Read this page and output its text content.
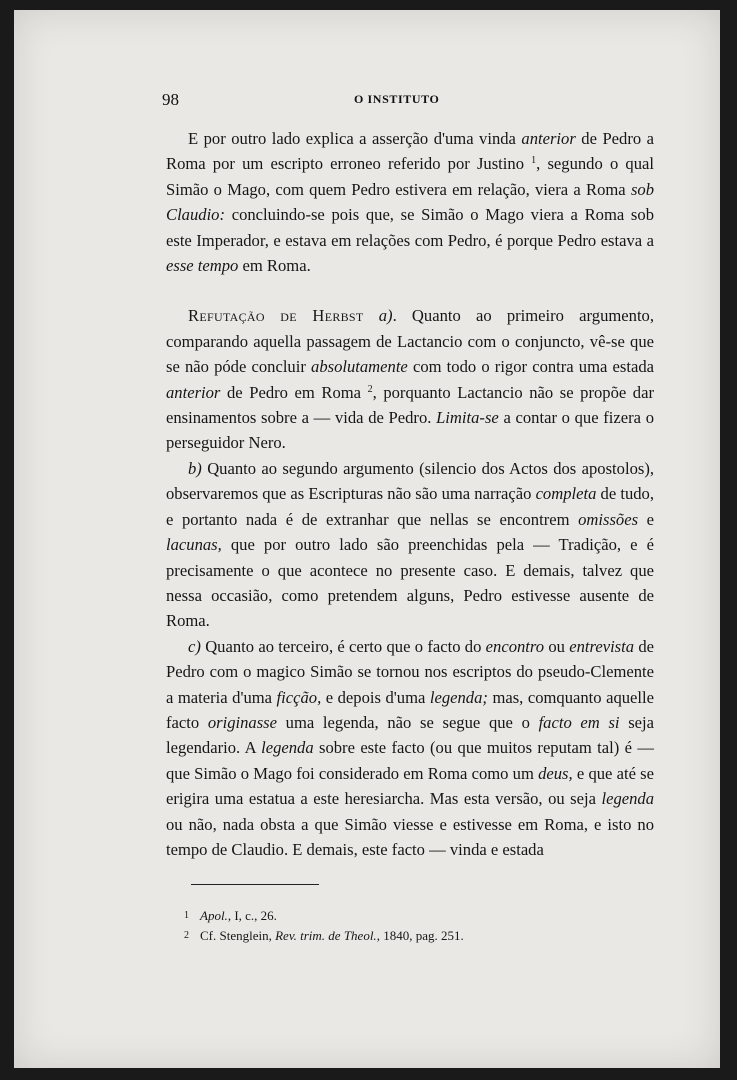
98	O INSTITUTO

E por outro lado explica a asserção d'uma vinda anterior de Pedro a Roma por um escripto erroneo referido por Justino $^1$, segundo o qual Simão o Mago, com quem Pedro estivera em relação, viera a Roma sob Claudio: concluindo-se pois que, se Simão o Mago viera a Roma sob este Imperador, e estava em relações com Pedro, é porque Pedro estava a esse tempo em Roma.

Refutação de Herbst a). Quanto ao primeiro argumento, comparando aquella passagem de Lactancio com o conjuncto, vê-se que se não póde concluir absolutamente com todo o rigor contra uma estada anterior de Pedro em Roma $^2$, porquanto Lactancio não se propõe dar ensinamentos sobre a — vida de Pedro. Limita-se a contar o que fizera o perseguidor Nero.

b) Quanto ao segundo argumento (silencio dos Actos dos apostolos), observaremos que as Escripturas não são uma narração completa de tudo, e portanto nada é de extranhar que nellas se encontrem omissões e lacunas, que por outro lado são preenchidas pela — Tradição, e é precisamente o que acontece no presente caso. E demais, talvez que nessa occasião, como pretendem alguns, Pedro estivesse ausente de Roma.

c) Quanto ao terceiro, é certo que o facto do encontro ou entrevista de Pedro com o magico Simão se tornou nos escriptos do pseudo-Clemente a materia d'uma ficção, e depois d'uma legenda; mas, comquanto aquelle facto originasse uma legenda, não se segue que o facto em si seja legendario. A legenda sobre este facto (ou que muitos reputam tal) é — que Simão o Mago foi considerado em Roma como um deus, e que até se erigira uma estatua a este heresiarcha. Mas esta versão, ou seja legenda ou não, nada obsta a que Simão viesse e estivesse em Roma, e isto no tempo de Claudio. E demais, este facto — vinda e estada

1 Apol., I, c., 26.

2 Cf. Stenglein, Rev. trim. de Theol., 1840, pag. 251.
